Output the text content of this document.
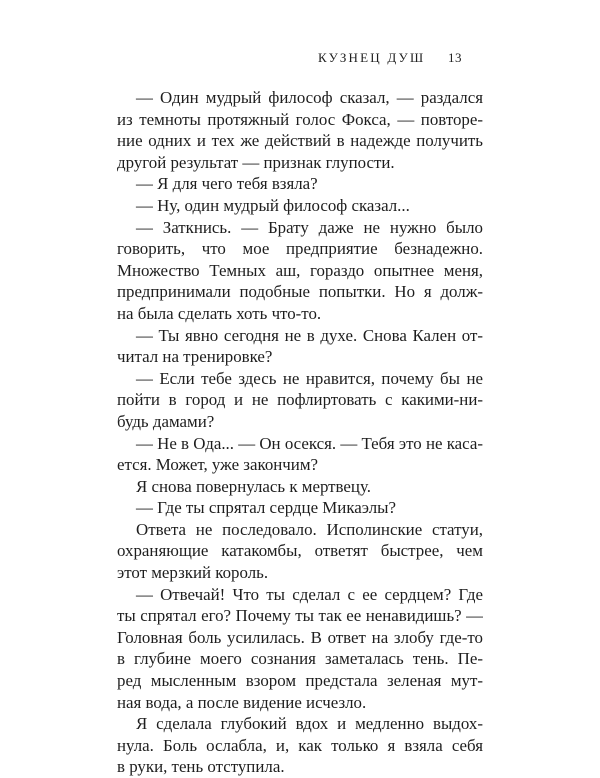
КУЗНЕЦ ДУШ 13
— Один мудрый философ сказал, — раздался
из темноты протяжный голос Фокса, — повторе-
ние одних и тех же действий в надежде получить
другой результат — признак глупости.
— Я для чего тебя взяла?
— Ну, один мудрый философ сказал...
— Заткнись. — Брату даже не нужно было
говорить, что мое предприятие безнадежно.
Множество Темных аш, гораздо опытнее меня,
предпринимали подобные попытки. Но я долж-
на была сделать хоть что-то.
— Ты явно сегодня не в духе. Снова Кален от-
читал на тренировке?
— Если тебе здесь не нравится, почему бы не
пойти в город и не пофлиртовать с какими-ни-
будь дамами?
— Не в Ода... — Он осекся. — Тебя это не каса-
ется. Может, уже закончим?
Я снова повернулась к мертвецу.
— Где ты спрятал сердце Микаэлы?
Ответа не последовало. Исполинские статуи,
охраняющие катакомбы, ответят быстрее, чем
этот мерзкий король.
— Отвечай! Что ты сделал с ее сердцем? Где
ты спрятал его? Почему ты так ее ненавидишь? —
Головная боль усилилась. В ответ на злобу где-то
в глубине моего сознания заметалась тень. Пе-
ред мысленным взором предстала зеленая мут-
ная вода, а после видение исчезло.
Я сделала глубокий вдох и медленно выдох-
нула. Боль ослабла, и, как только я взяла себя
в руки, тень отступила.
